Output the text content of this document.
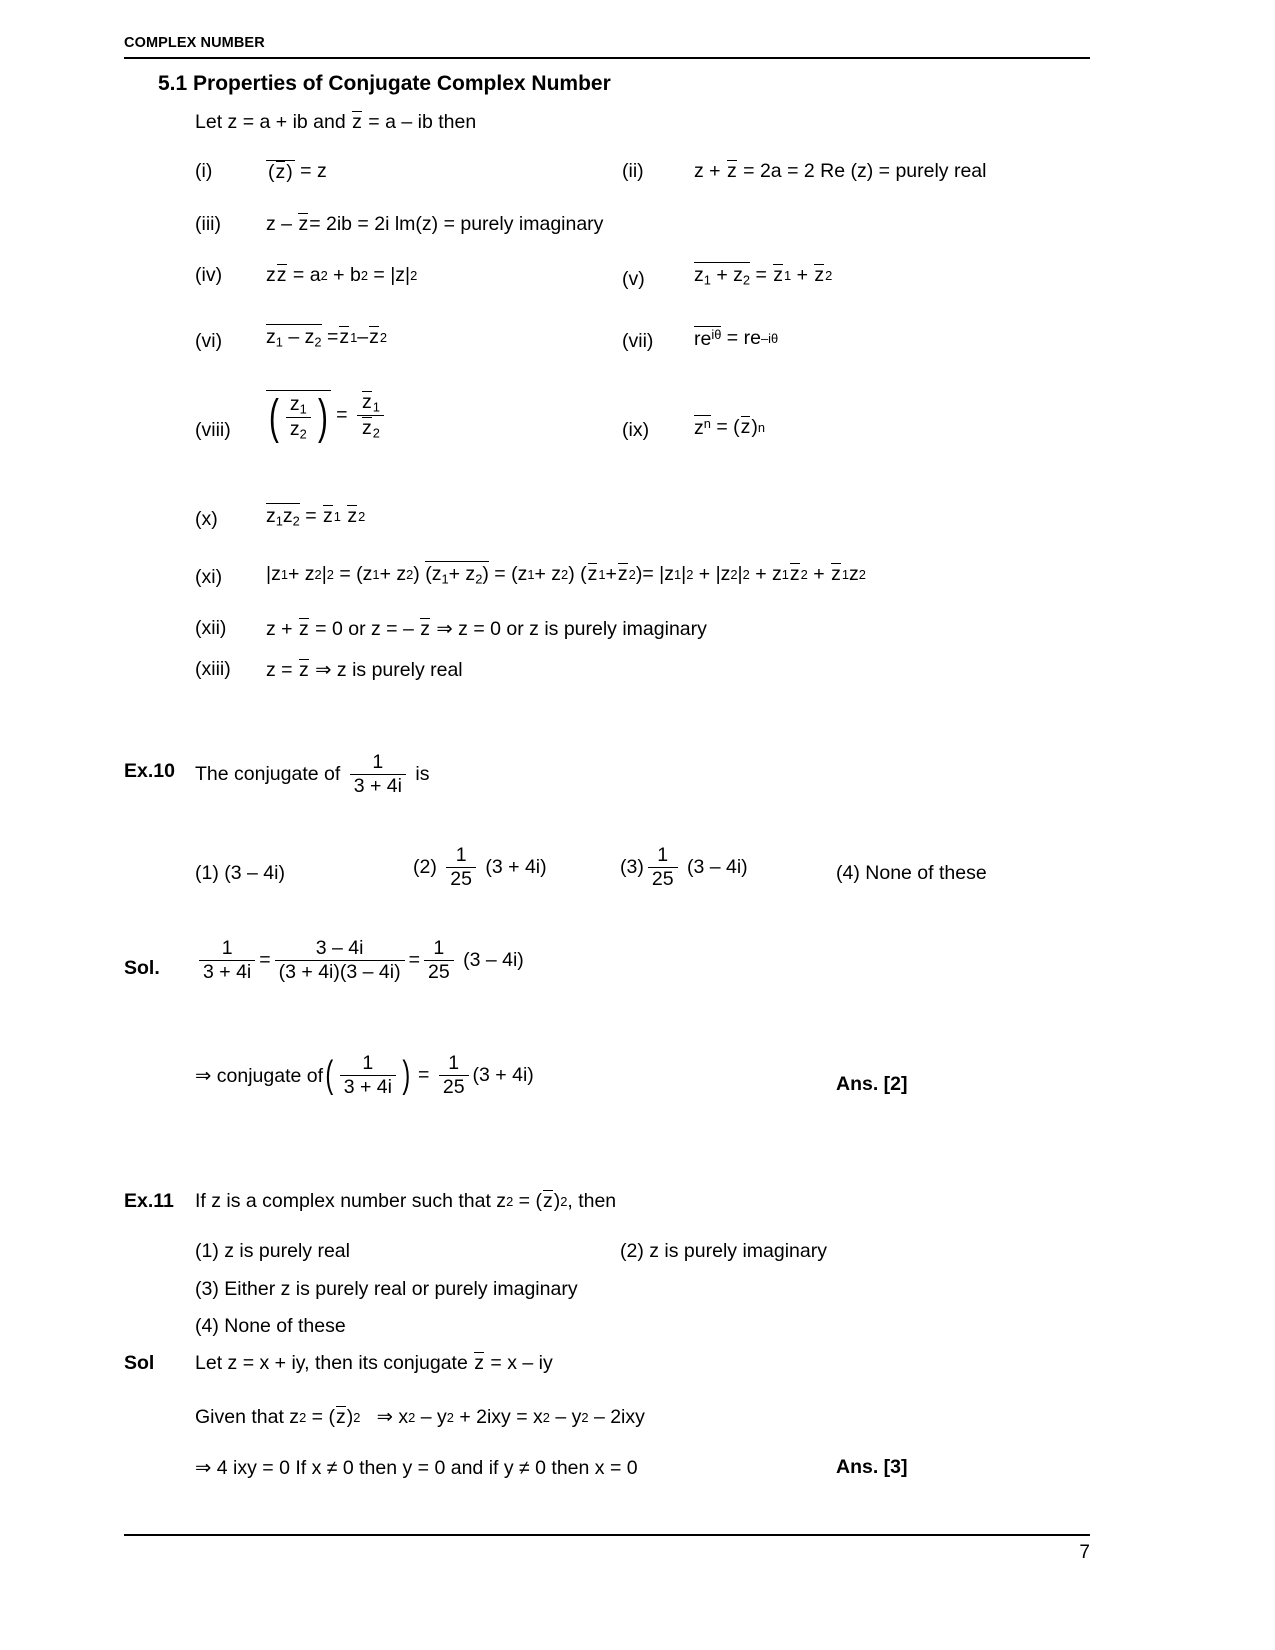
COMPLEX NUMBER
5.1 Properties of Conjugate Complex Number
Let z = a + ib and
z
= a – ib then
(i)	(z)
= z	(ii)	z +
z
= 2a = 2 Re (z) = purely real
(iii) z –
z = 2ib = 2i lm(z) = purely imaginary
(iv) z z
= a 2
+ b 2
= |z| 2	(v)	$z_1 + z_2$
=
z 1
+
z 2
(vi) $z_1 - z_2$
= z 1 – z 2	(vii) $re^{i\theta}$
=
re –iθ
(viii) ( $\frac{z_1}{z_2}$ )
=
$\frac{z_1}{z_2}$	(ix) $z^n$
=
( z ) n
(x) $z_1z_2$
=
z 1
z 2
(xi) |z 1 + z 2 | 2
= (z 1 + z 2 )
$(z_1+ z_2)$
= (z 1 + z 2 )
( z 1 + z 2 ) = |z 1 | 2
+ |z 2 | 2
+ z 1 z 2
+
z 1 z 2
(xii) z +
z
= 0 or z = –
z
⇒ z = 0 or z is purely imaginary
(xiii) z =
z
⇒ z is purely real
Ex.10 The conjugate of
$\frac{1}{3 + 4i}$
is
(1)
(3 – 4i)	(2)
$\frac{1}{25}$
(3 + 4i)	$(3) \frac{1}{25}$
(3 – 4i)	(4)
None of these
Sol. $\frac{1}{3 + 4i} = \frac{3 - 4i}{(3 + 4i)(3 - 4i)} = \frac{1}{25}$
(3 – 4i)
⇒ conjugate of ( $\frac{1}{3 + 4i}$ )
=
$\frac{1}{25} (3 + 4i)$	Ans. [2]
Ex.11 If z is a complex number such that z 2
= ( z ) 2 , then
(1)
z is purely real	(2)
z is purely imaginary
(3)
Either z is purely real or purely imaginary
(4)
None of these
Sol Let z = x + iy, then its conjugate
z
= x – iy
Given that z 2
= ( z ) 2
⇒ x 2
– y 2
+ 2ixy = x 2
– y 2
– 2ixy
⇒ 4 ixy = 0 If x ≠ 0 then y = 0 and if y ≠ 0 then x = 0	Ans. [3]
7
